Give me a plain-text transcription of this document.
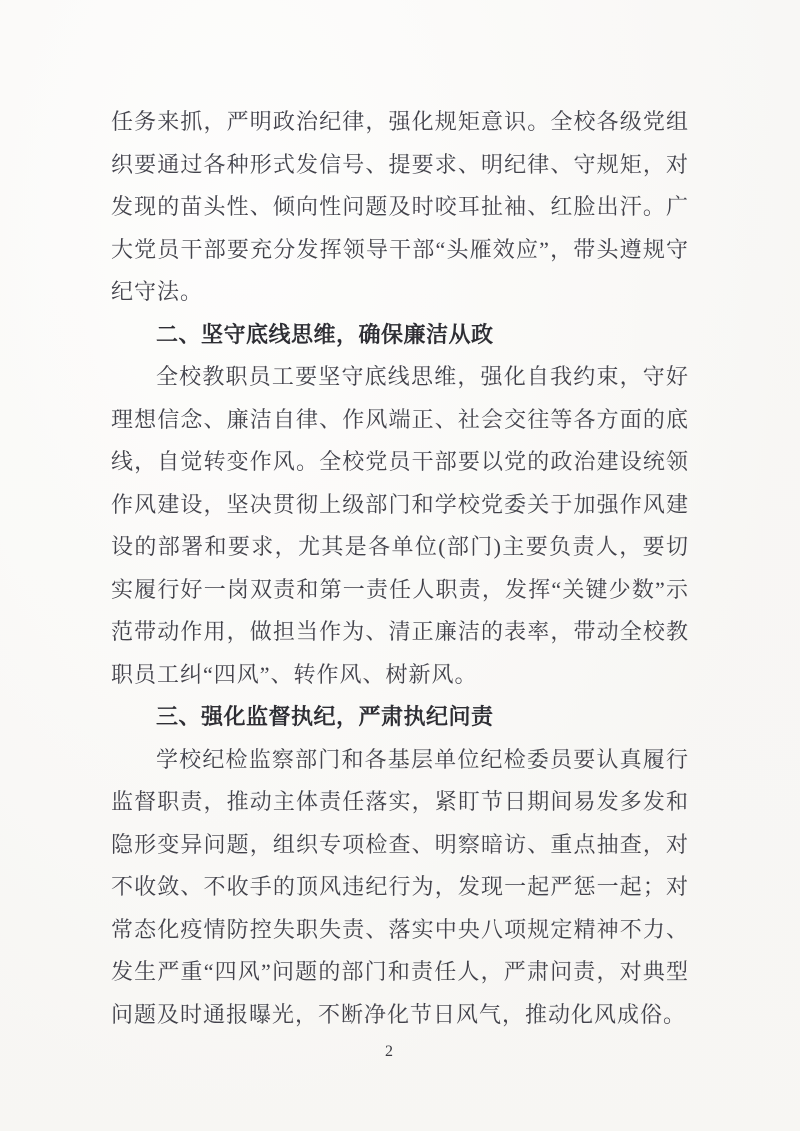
任务来抓，严明政治纪律，强化规矩意识。全校各级党组织要通过各种形式发信号、提要求、明纪律、守规矩，对发现的苗头性、倾向性问题及时咬耳扯袖、红脸出汗。广大党员干部要充分发挥领导干部“头雁效应”，带头遵规守纪守法。

二、坚守底线思维，确保廉洁从政

全校教职员工要坚守底线思维，强化自我约束，守好理想信念、廉洁自律、作风端正、社会交往等各方面的底线，自觉转变作风。全校党员干部要以党的政治建设统领作风建设，坚决贯彻上级部门和学校党委关于加强作风建设的部署和要求，尤其是各单位(部门)主要负责人，要切实履行好一岗双责和第一责任人职责，发挥“关键少数”示范带动作用，做担当作为、清正廉洁的表率，带动全校教职员工纠“四风”、转作风、树新风。

三、强化监督执纪，严肃执纪问责

学校纪检监察部门和各基层单位纪检委员要认真履行监督职责，推动主体责任落实，紧盯节日期间易发多发和隐形变异问题，组织专项检查、明察暗访、重点抽查，对不收敛、不收手的顶风违纪行为，发现一起严惩一起；对常态化疫情防控失职失责、落实中央八项规定精神不力、发生严重“四风”问题的部门和责任人，严肃问责，对典型问题及时通报曝光，不断净化节日风气，推动化风成俗。

2
